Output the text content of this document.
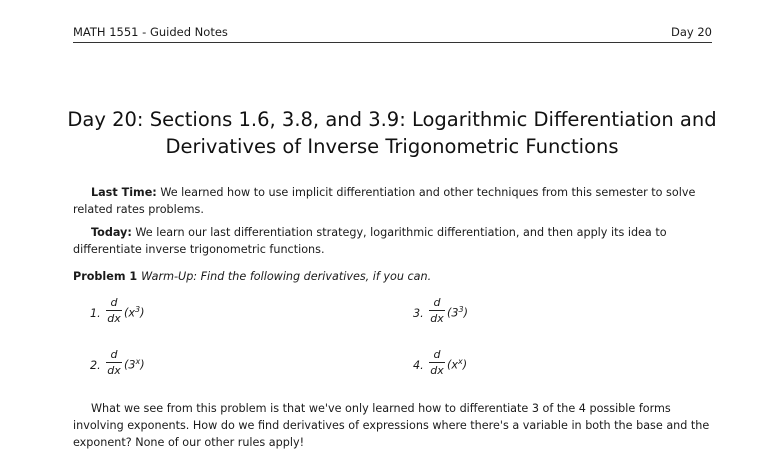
MATH 1551 - Guided Notes	Day 20
Day 20: Sections 1.6, 3.8, and 3.9: Logarithmic Differentiation and
Derivatives of Inverse Trigonometric Functions
Last Time: We learned how to use implicit differentiation and other techniques from this semester to solve related rates problems.
Today: We learn our last differentiation strategy, logarithmic differentiation, and then apply its idea to differentiate inverse trigonometric functions.
Problem 1 Warm-Up: Find the following derivatives, if you can.
1.
d
dx $(x^3)$	3.
d
dx $(3^3)$
2.
d
dx (3$^x$)	4.
d
dx $(x^x)$
What we see from this problem is that we've only learned how to differentiate 3 of the 4 possible forms involving exponents. How do we find derivatives of expressions where there's a variable in both the base and the exponent? None of our other rules apply!
